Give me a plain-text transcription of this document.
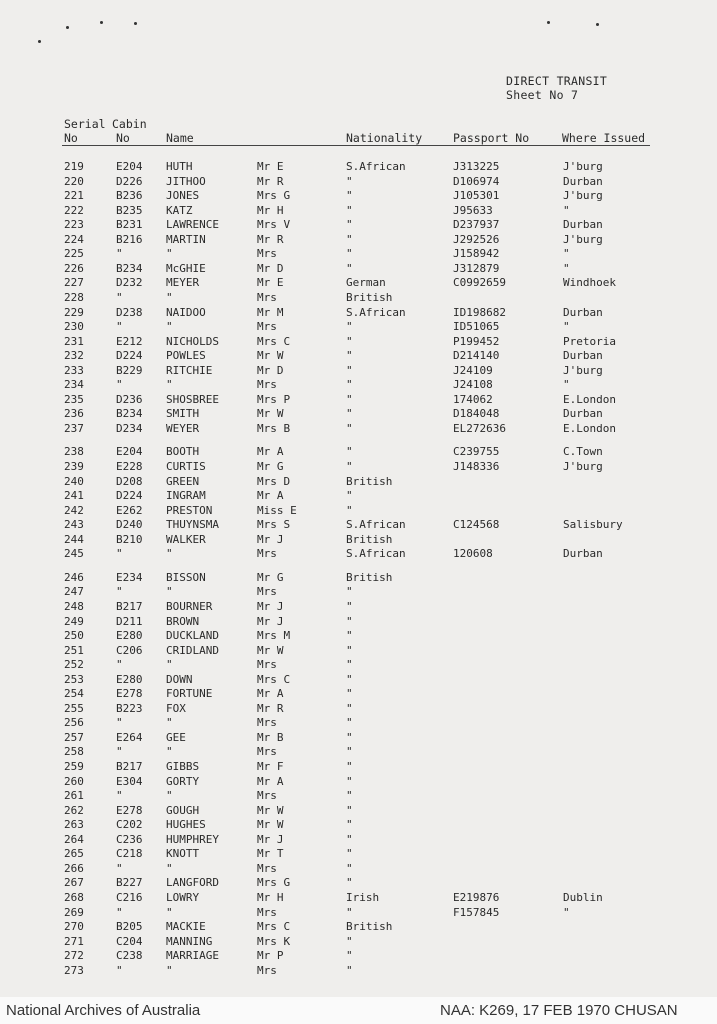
DIRECT TRANSIT
Sheet No 7
Serial Cabin
No	No	Name	Nationality	Passport No	Where Issued
219	E204 HUTH	Mr E	S.African	J313225	J'burg
220	D226 JITHOO	Mr R	"	D106974	Durban
221	B236 JONES	Mrs G	"	J105301	J'burg
222	B235 KATZ	Mr H	"	J95633	"
223	B231 LAWRENCE	Mrs V	"	D237937	Durban
224	B216 MARTIN	Mr R	"	J292526	J'burg
225	"	"	Mrs	"	J158942	"
226	B234 McGHIE	Mr D	"	J312879	"
227	D232 MEYER	Mr E	German	C0992659	Windhoek
228	"	"	Mrs	British
229	D238 NAIDOO	Mr M	S.African	ID198682	Durban
230	"	"	Mrs	"	ID51065	"
231	E212 NICHOLDS	Mrs C	"	P199452	Pretoria
232	D224 POWLES	Mr W	"	D214140	Durban
233	B229 RITCHIE	Mr D	"	J24109	J'burg
234	"	"	Mrs	"	J24108	"
235	D236 SHOSBREE	Mrs P	"	174062	E.London
236	B234 SMITH	Mr W	"	D184048	Durban
237	D234 WEYER	Mrs B	"	EL272636	E.London
238	E204 BOOTH	Mr A	"	C239755	C.Town
239	E228 CURTIS	Mr G	"	J148336	J'burg
240	D208 GREEN	Mrs D	British
241	D224 INGRAM	Mr A	"
242	E262 PRESTON	Miss E	"
243	D240 THUYNSMA	Mrs S	S.African	C124568	Salisbury
244	B210 WALKER	Mr J	British
245	"	"	Mrs	S.African	120608	Durban
246	E234 BISSON	Mr G	British
247	"	"	Mrs	"
248	B217 BOURNER	Mr J	"
249	D211 BROWN	Mr J	"
250	E280 DUCKLAND	Mrs M	"
251	C206 CRIDLAND	Mr W	"
252	"	"	Mrs	"
253	E280 DOWN	Mrs C	"
254	E278 FORTUNE	Mr A	"
255	B223 FOX	Mr R	"
256	"	"	Mrs	"
257	E264 GEE	Mr B	"
258	"	"	Mrs	"
259	B217 GIBBS	Mr F	"
260	E304 GORTY	Mr A	"
261	"	"	Mrs	"
262	E278 GOUGH	Mr W	"
263	C202 HUGHES	Mr W	"
264	C236 HUMPHREY	Mr J	"
265	C218 KNOTT	Mr T	"
266	"	"	Mrs	"
267	B227 LANGFORD	Mrs G	"
268	C216 LOWRY	Mr H	Irish	E219876	Dublin
269	"	"	Mrs	"	F157845	"
270	B205 MACKIE	Mrs C	British
271	C204 MANNING	Mrs K	"
272	C238 MARRIAGE	Mr P	"
273	"	"	Mrs	"
National Archives of Australia	NAA: K269, 17 FEB 1970 CHUSAN
